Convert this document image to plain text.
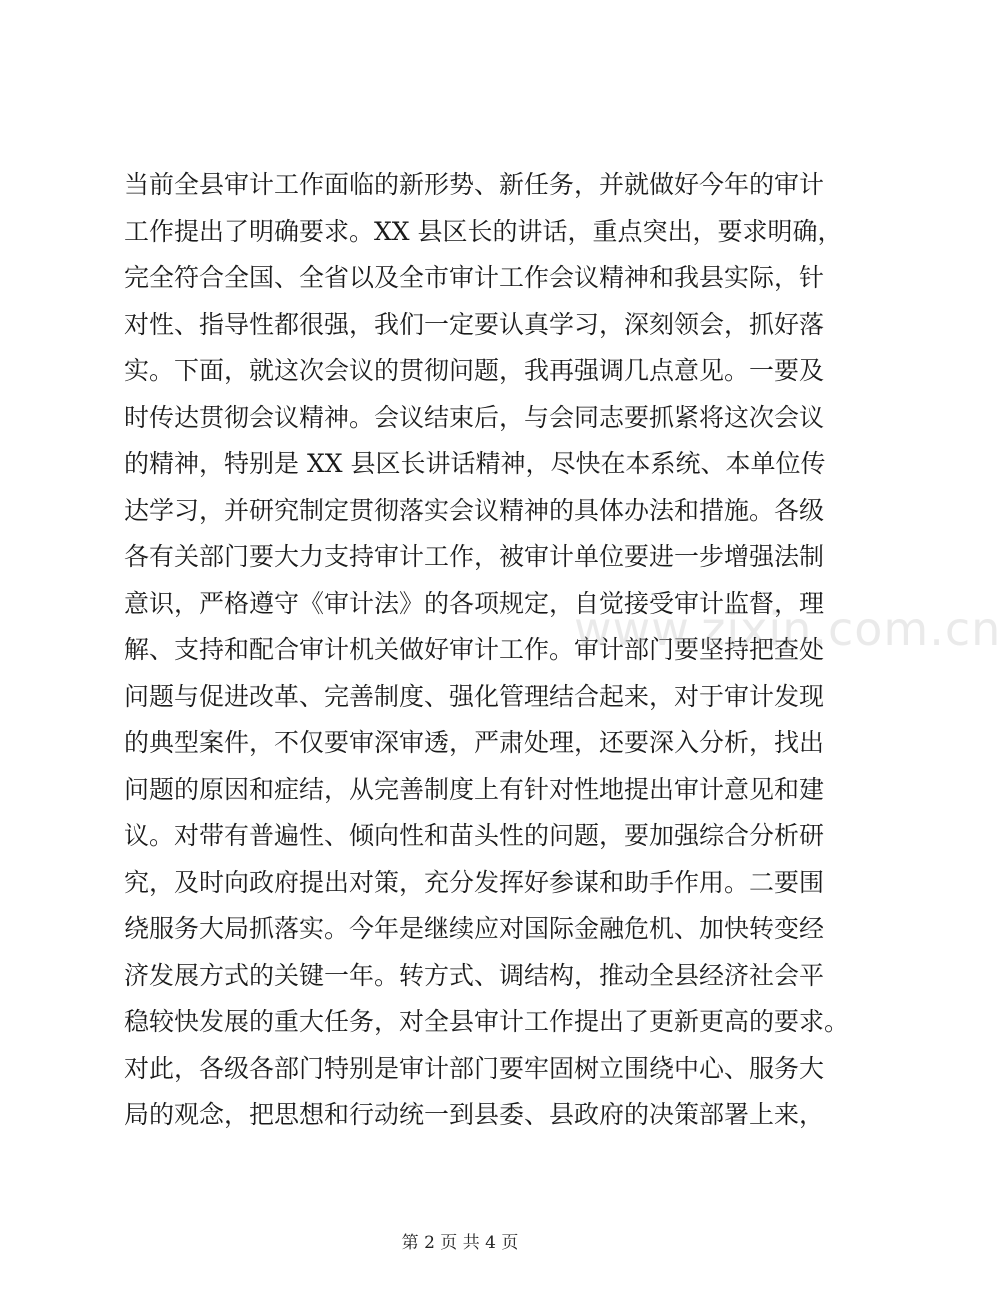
当前全县审计工作面临的新形势、新任务，并就做好今年的审计
工作提出了明确要求。XX 县区长的讲话，重点突出，要求明确，
完全符合全国、全省以及全市审计工作会议精神和我县实际，针
对性、指导性都很强，我们一定要认真学习，深刻领会，抓好落
实。下面，就这次会议的贯彻问题，我再强调几点意见。一要及
时传达贯彻会议精神。会议结束后，与会同志要抓紧将这次会议
的精神，特别是 XX 县区长讲话精神，尽快在本系统、本单位传
达学习，并研究制定贯彻落实会议精神的具体办法和措施。各级
各有关部门要大力支持审计工作，被审计单位要进一步增强法制
意识，严格遵守《审计法》的各项规定，自觉接受审计监督，理
解、支持和配合审计机关做好审计工作。审计部门要坚持把查处
问题与促进改革、完善制度、强化管理结合起来，对于审计发现
的典型案件，不仅要审深审透，严肃处理，还要深入分析，找出
问题的原因和症结，从完善制度上有针对性地提出审计意见和建
议。对带有普遍性、倾向性和苗头性的问题，要加强综合分析研
究，及时向政府提出对策，充分发挥好参谋和助手作用。二要围
绕服务大局抓落实。今年是继续应对国际金融危机、加快转变经
济发展方式的关键一年。转方式、调结构，推动全县经济社会平
稳较快发展的重大任务，对全县审计工作提出了更新更高的要求。
对此，各级各部门特别是审计部门要牢固树立围绕中心、服务大
局的观念，把思想和行动统一到县委、县政府的决策部署上来，
www.zixin.com.cn
第 2 页 共 4 页
